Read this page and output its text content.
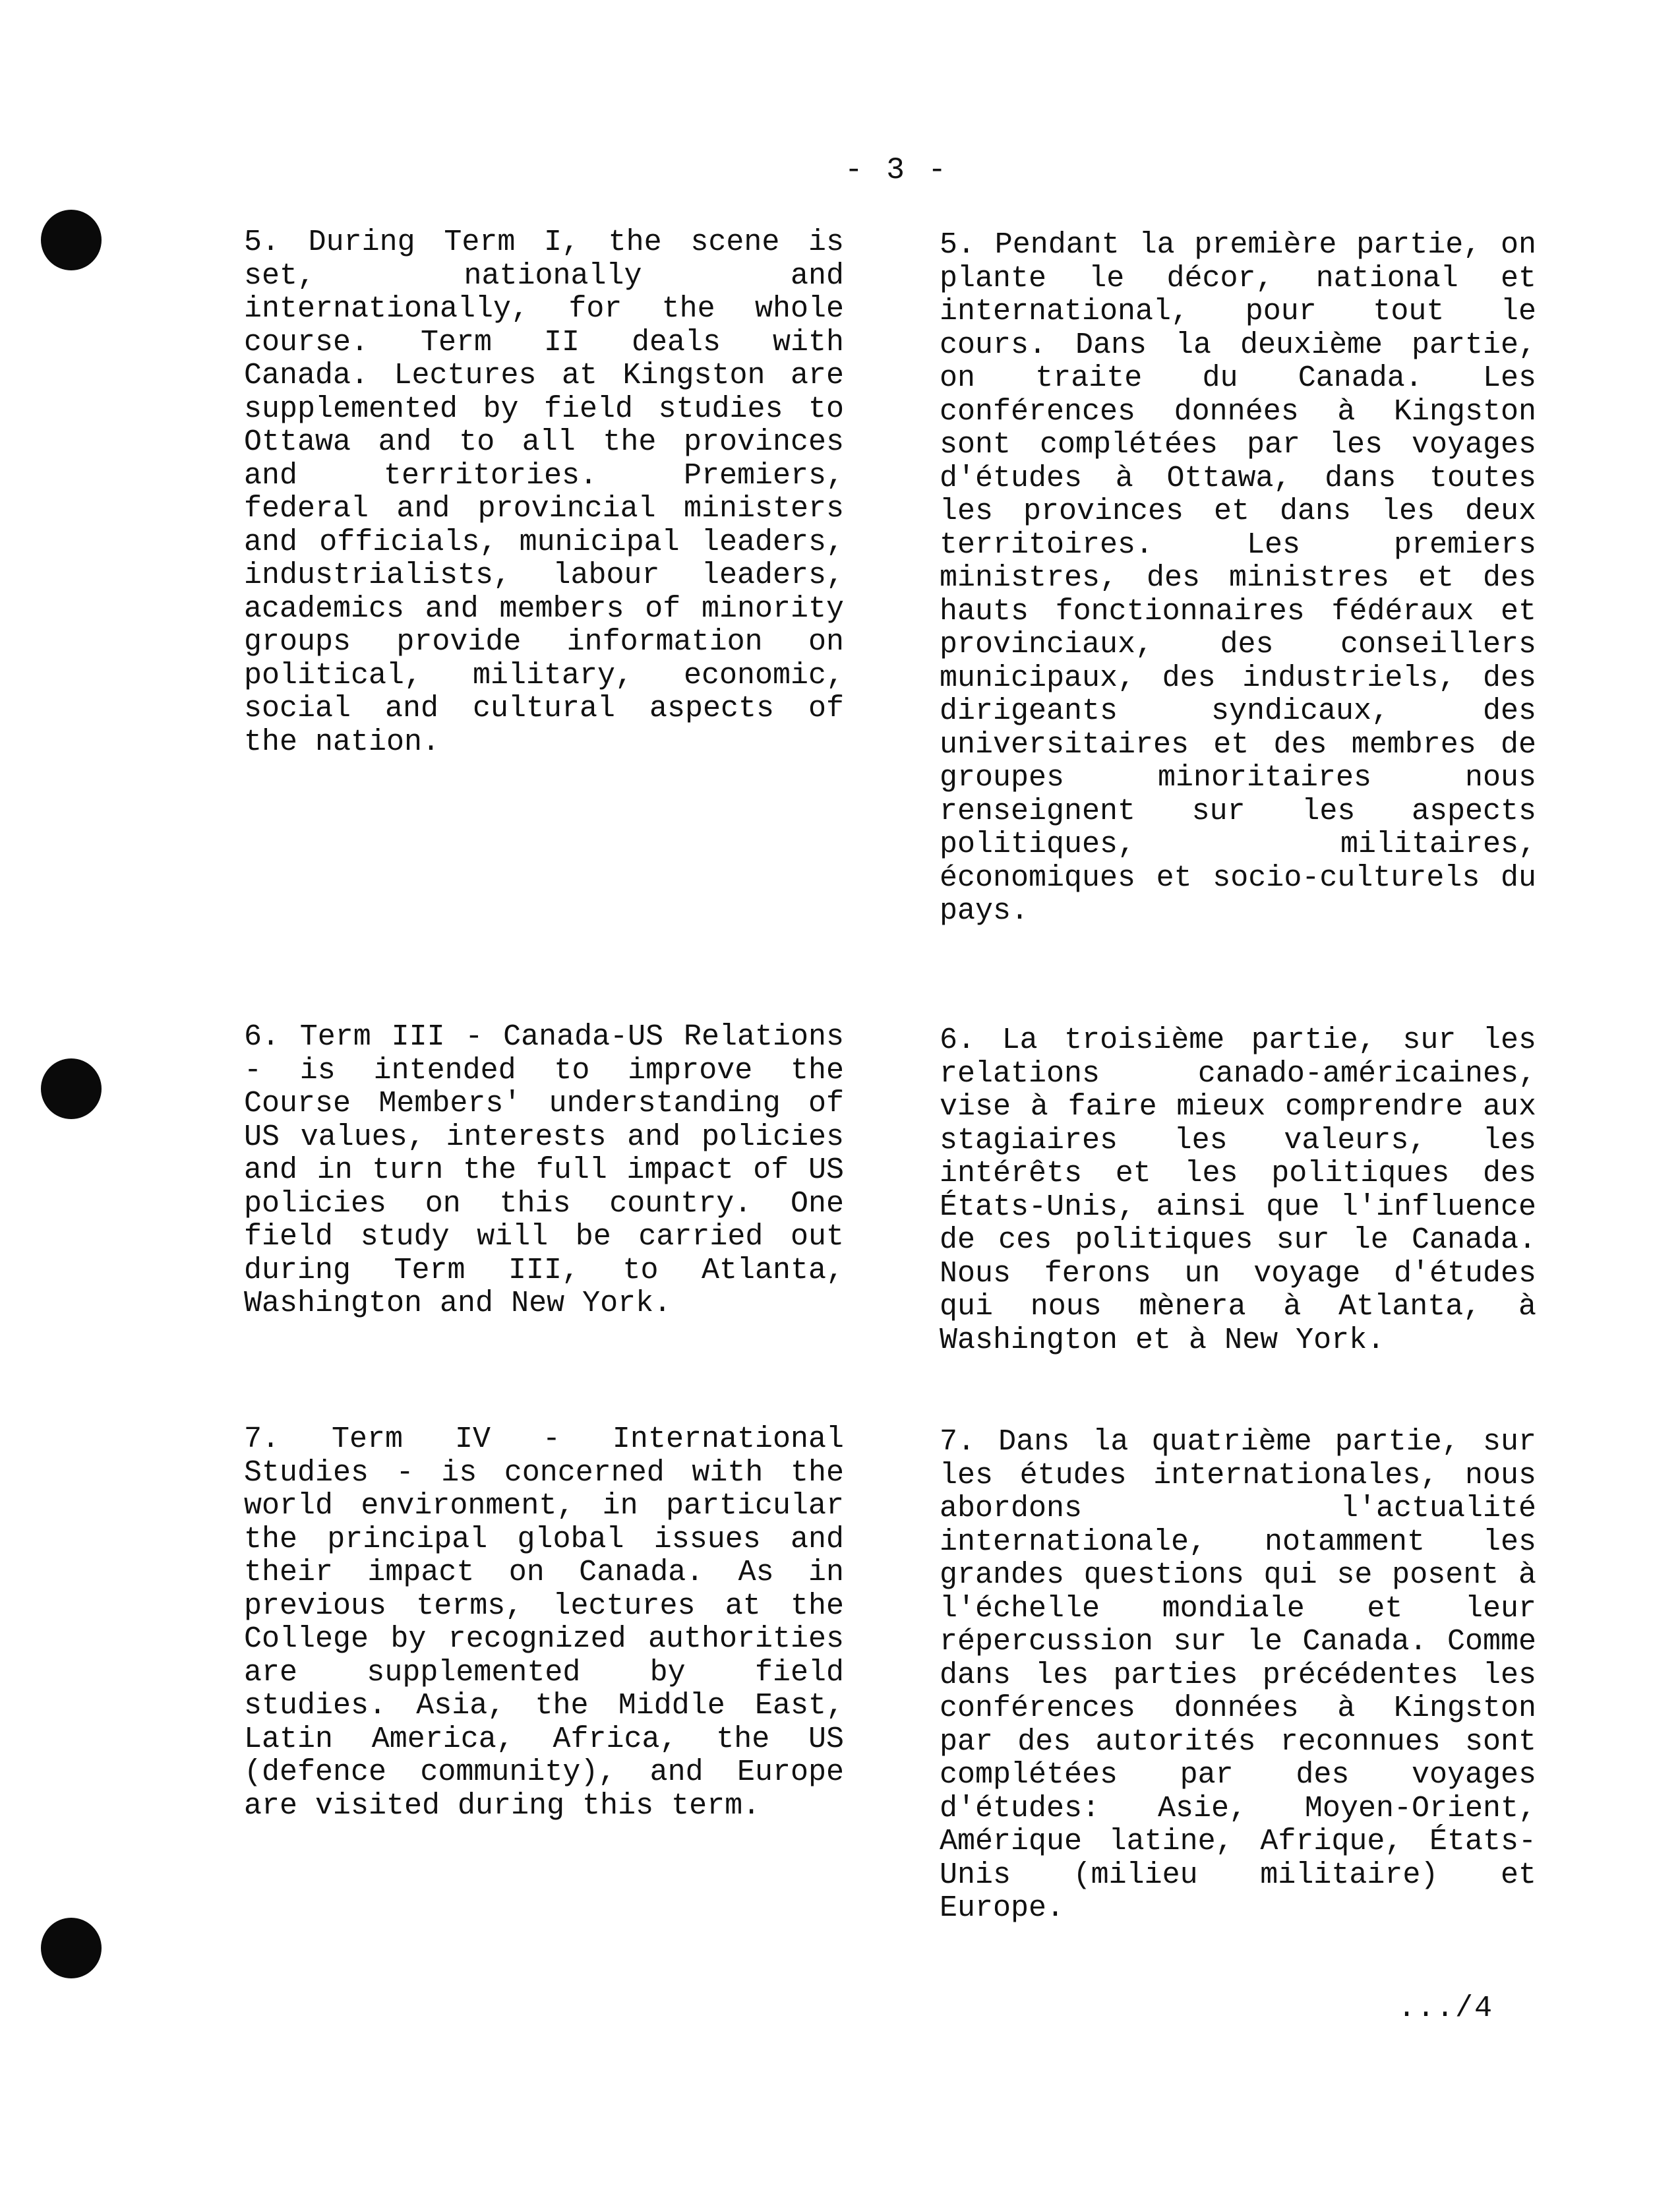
- 3 -

5. During Term I, the scene is set, nationally and internationally, for the whole course. Term II deals with Canada. Lectures at Kingston are supplemented by field studies to Ottawa and to all the provinces and territories. Premiers, federal and provincial ministers and officials, municipal leaders, industrialists, labour leaders, academics and members of minority groups provide information on political, military, economic, social and cultural aspects of the nation.

5. Pendant la première partie, on plante le décor, national et international, pour tout le cours. Dans la deuxième partie, on traite du Canada. Les conférences données à Kingston sont complétées par les voyages d'études à Ottawa, dans toutes les provinces et dans les deux territoires. Les premiers ministres, des ministres et des hauts fonctionnaires fédéraux et provinciaux, des conseillers municipaux, des industriels, des dirigeants syndicaux, des universitaires et des membres de groupes minoritaires nous renseignent sur les aspects politiques, militaires, économiques et socio-culturels du pays.

6. Term III - Canada-US Relations - is intended to improve the Course Members' understanding of US values, interests and policies and in turn the full impact of US policies on this country. One field study will be carried out during Term III, to Atlanta, Washington and New York.

6. La troisième partie, sur les relations canado-américaines, vise à faire mieux comprendre aux stagiaires les valeurs, les intérêts et les politiques des États-Unis, ainsi que l'influence de ces politiques sur le Canada. Nous ferons un voyage d'études qui nous mènera à Atlanta, à Washington et à New York.

7. Term IV - International Studies - is concerned with the world environment, in particular the principal global issues and their impact on Canada. As in previous terms, lectures at the College by recognized authorities are supplemented by field studies. Asia, the Middle East, Latin America, Africa, the US (defence community), and Europe are visited during this term.

7. Dans la quatrième partie, sur les études internationales, nous abordons l'actualité internationale, notamment les grandes questions qui se posent à l'échelle mondiale et leur répercussion sur le Canada. Comme dans les parties précédentes les conférences données à Kingston par des autorités reconnues sont complétées par des voyages d'études: Asie, Moyen-Orient, Amérique latine, Afrique, États-Unis (milieu militaire) et Europe.

.../4
